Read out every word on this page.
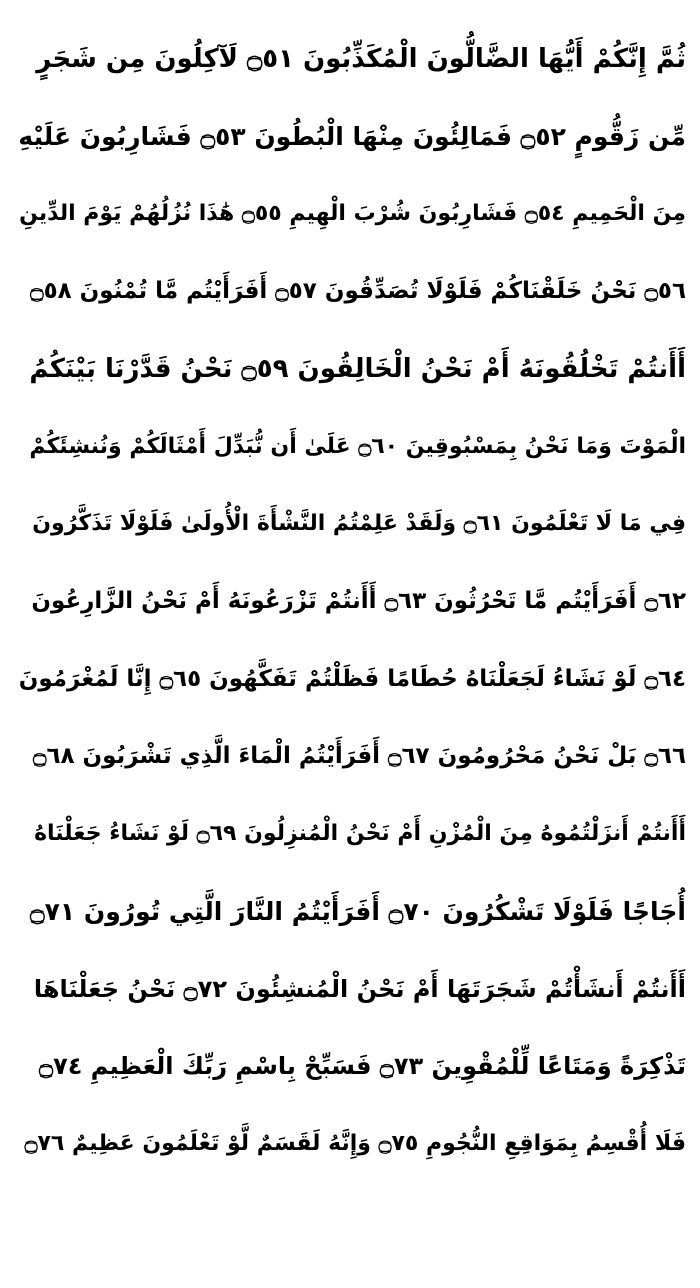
ثُمَّ إِنَّكُمْ أَيُّهَا الضَّالُّونَ الْمُكَذِّبُونَ ۝٥١ لَآكِلُونَ مِن شَجَرٍ
مِّن زَقُّومٍ ۝٥٢ فَمَالِئُونَ مِنْهَا الْبُطُونَ ۝٥٣ فَشَارِبُونَ عَلَيْهِ
مِنَ الْحَمِيمِ ۝٥٤ فَشَارِبُونَ شُرْبَ الْهِيمِ ۝٥٥ هَٰذَا نُزُلُهُمْ يَوْمَ الدِّينِ
۝٥٦ نَحْنُ خَلَقْنَاكُمْ فَلَوْلَا تُصَدِّقُونَ ۝٥٧ أَفَرَأَيْتُم مَّا تُمْنُونَ ۝٥٨
أَأَنتُمْ تَخْلُقُونَهُ أَمْ نَحْنُ الْخَالِقُونَ ۝٥٩ نَحْنُ قَدَّرْنَا بَيْنَكُمُ
الْمَوْتَ وَمَا نَحْنُ بِمَسْبُوقِينَ ۝٦٠ عَلَىٰ أَن نُّبَدِّلَ أَمْثَالَكُمْ وَنُنشِئَكُمْ
فِي مَا لَا تَعْلَمُونَ ۝٦١ وَلَقَدْ عَلِمْتُمُ النَّشْأَةَ الْأُولَىٰ فَلَوْلَا تَذَكَّرُونَ
۝٦٢ أَفَرَأَيْتُم مَّا تَحْرُثُونَ ۝٦٣ أَأَنتُمْ تَزْرَعُونَهُ أَمْ نَحْنُ الزَّارِعُونَ
۝٦٤ لَوْ نَشَاءُ لَجَعَلْنَاهُ حُطَامًا فَظَلْتُمْ تَفَكَّهُونَ ۝٦٥ إِنَّا لَمُغْرَمُونَ
۝٦٦ بَلْ نَحْنُ مَحْرُومُونَ ۝٦٧ أَفَرَأَيْتُمُ الْمَاءَ الَّذِي تَشْرَبُونَ ۝٦٨
أَأَنتُمْ أَنزَلْتُمُوهُ مِنَ الْمُزْنِ أَمْ نَحْنُ الْمُنزِلُونَ ۝٦٩ لَوْ نَشَاءُ جَعَلْنَاهُ
أُجَاجًا فَلَوْلَا تَشْكُرُونَ ۝٧٠ أَفَرَأَيْتُمُ النَّارَ الَّتِي تُورُونَ ۝٧١
أَأَنتُمْ أَنشَأْتُمْ شَجَرَتَهَا أَمْ نَحْنُ الْمُنشِئُونَ ۝٧٢ نَحْنُ جَعَلْنَاهَا
تَذْكِرَةً وَمَتَاعًا لِّلْمُقْوِينَ ۝٧٣ فَسَبِّحْ بِاسْمِ رَبِّكَ الْعَظِيمِ ۝٧٤
فَلَا أُقْسِمُ بِمَوَاقِعِ النُّجُومِ ۝٧٥ وَإِنَّهُ لَقَسَمٌ لَّوْ تَعْلَمُونَ عَظِيمٌ ۝٧٦
